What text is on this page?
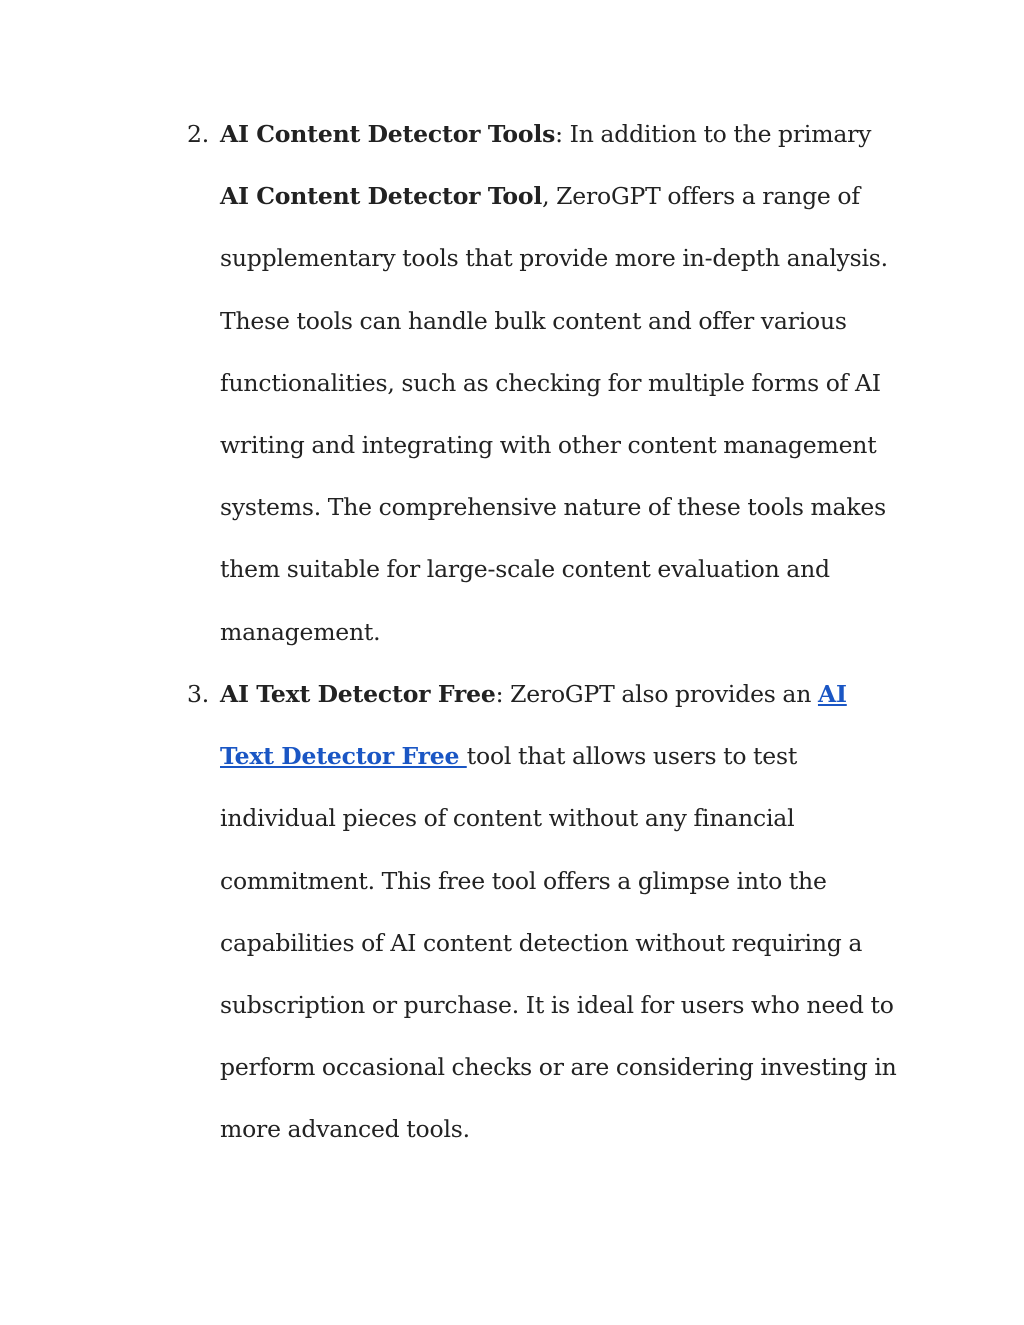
2. AI Content Detector Tools: In addition to the primary AI Content Detector Tool, ZeroGPT offers a range of supplementary tools that provide more in-depth analysis. These tools can handle bulk content and offer various functionalities, such as checking for multiple forms of AI writing and integrating with other content management systems. The comprehensive nature of these tools makes them suitable for large-scale content evaluation and management.
3. AI Text Detector Free: ZeroGPT also provides an AI Text Detector Free tool that allows users to test individual pieces of content without any financial commitment. This free tool offers a glimpse into the capabilities of AI content detection without requiring a subscription or purchase. It is ideal for users who need to perform occasional checks or are considering investing in more advanced tools.
